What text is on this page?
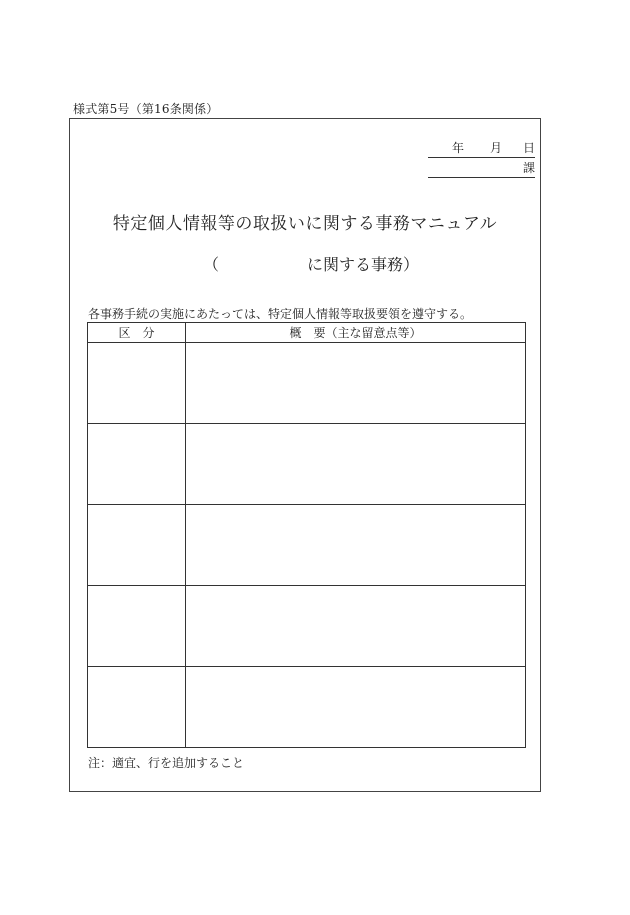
様式第5号（第16条関係）
年 月 日
課
特定個人情報等の取扱いに関する事務マニュアル
（	に関する事務）
各事務手続の実施にあたっては、特定個人情報等取扱要領を遵守する。
区　分	概　要（主な留意点等）

注：適宜、行を追加すること
